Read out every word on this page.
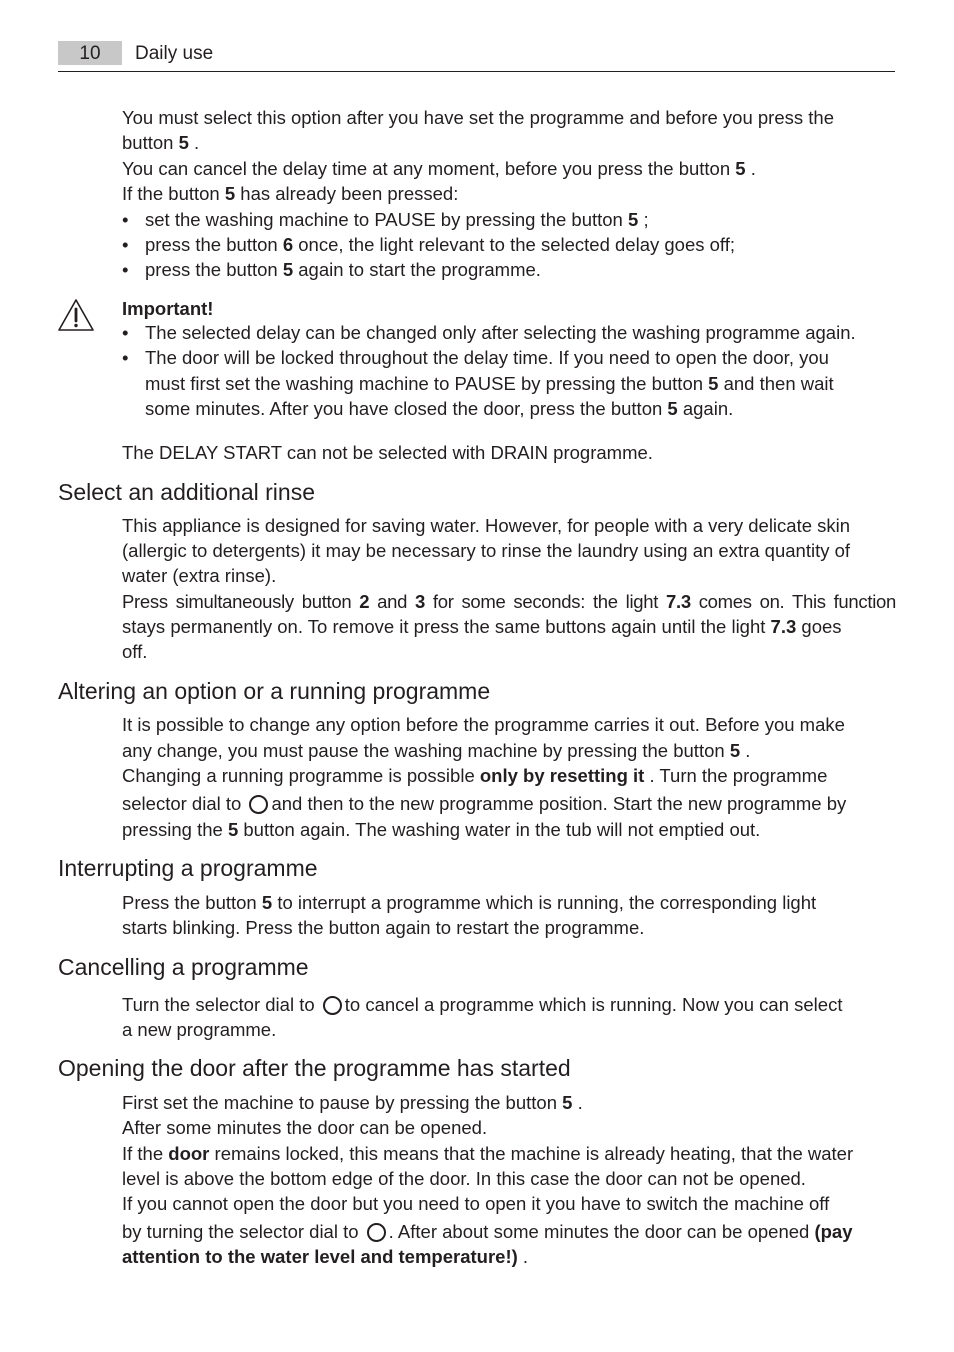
10	Daily use
You must select this option after you have set the programme and before you press the
button 5 .
You can cancel the delay time at any moment, before you press the button 5 .
If the button 5 has already been pressed:
• set the washing machine to PAUSE by pressing the button 5 ;
• press the button 6 once, the light relevant to the selected delay goes off;
• press the button 5 again to start the programme.
Important!
• The selected delay can be changed only after selecting the washing programme again.
• The door will be locked throughout the delay time. If you need to open the door, you
must first set the washing machine to PAUSE by pressing the button 5 and then wait
some minutes. After you have closed the door, press the button 5 again.
The DELAY START can not be selected with DRAIN programme.
Select an additional rinse
This appliance is designed for saving water. However, for people with a very delicate skin
(allergic to detergents) it may be necessary to rinse the laundry using an extra quantity of
water (extra rinse).
Press simultaneously button 2 and 3 for some seconds: the light 7.3 comes on. This function
stays permanently on. To remove it press the same buttons again until the light 7.3 goes
off.
Altering an option or a running programme
It is possible to change any option before the programme carries it out. Before you make
any change, you must pause the washing machine by pressing the button 5 .
Changing a running programme is possible only by resetting it . Turn the programme
selector dial to and then to the new programme position. Start the new programme by
pressing the 5 button again. The washing water in the tub will not emptied out.
Interrupting a programme
Press the button 5 to interrupt a programme which is running, the corresponding light
starts blinking. Press the button again to restart the programme.
Cancelling a programme
Turn the selector dial to to cancel a programme which is running. Now you can select
a new programme.
Opening the door after the programme has started
First set the machine to pause by pressing the button 5 .
After some minutes the door can be opened.
If the door remains locked, this means that the machine is already heating, that the water
level is above the bottom edge of the door. In this case the door can not be opened.
If you cannot open the door but you need to open it you have to switch the machine off
by turning the selector dial to . After about some minutes the door can be opened (pay
attention to the water level and temperature!) .
